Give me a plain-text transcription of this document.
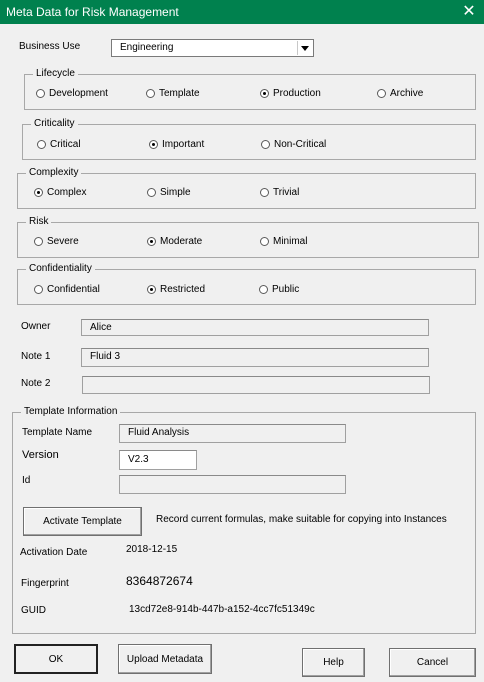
Meta Data for Risk Management	✕
Business Use	Engineering
Lifecycle
Development	Template	Production	Archive
Criticality
Critical	Important	Non-Critical
Complexity
Complex	Simple	Trivial
Risk
Severe	Moderate	Minimal
Confidentiality
Confidential	Restricted	Public
Owner	Alice
Note 1	Fluid 3
Note 2
Template Information
Template Name	Fluid Analysis
Version	V2.3
Id
Activate Template	Record current formulas, make suitable for copying into Instances
Activation Date	2018-12-15
Fingerprint	8364872674
GUID	13cd72e8-914b-447b-a152-4cc7fc51349c
OK	Upload Metadata	Help	Cancel
